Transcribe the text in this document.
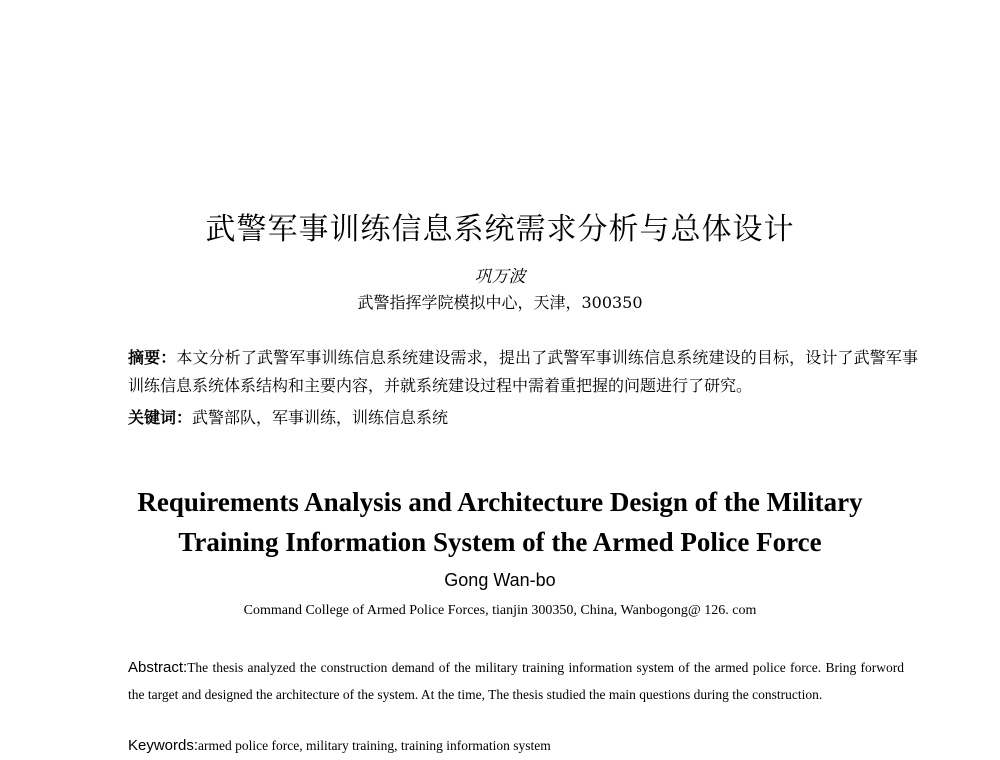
武警军事训练信息系统需求分析与总体设计
巩万波
武警指挥学院模拟中心，天津，300350
摘要：本文分析了武警军事训练信息系统建设需求，提出了武警军事训练信息系统建设的目标，设计了武警军事训练信息系统体系结构和主要内容，并就系统建设过程中需着重把握的问题进行了研究。
关键词：武警部队，军事训练，训练信息系统
Requirements Analysis and Architecture Design of the Military
Training Information System of the Armed Police Force
Gong Wan-bo
Command College of Armed Police Forces, tianjin 300350, China, Wanbogong@ 126. com
Abstract:The thesis analyzed the construction demand of the military training information system of the armed police force. Bring forword the target and designed the architecture of the system. At the time, The thesis studied the main questions during the construction.
Keywords:armed police force, military training, training information system
